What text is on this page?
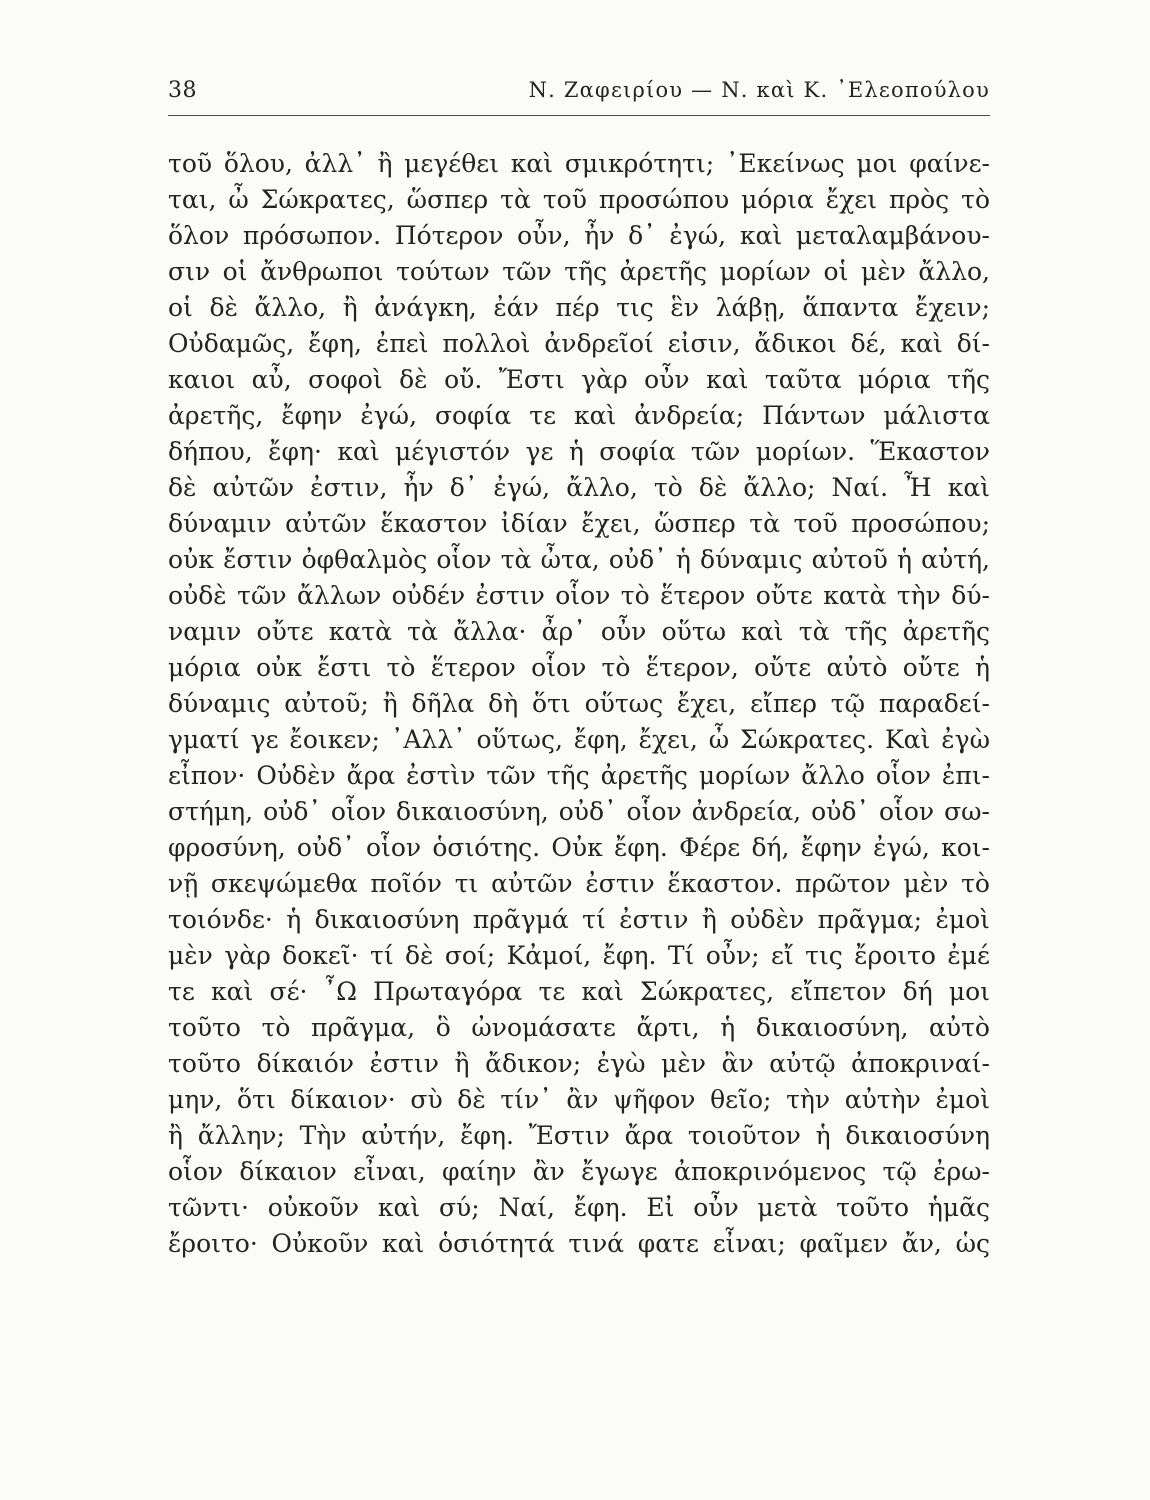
38	Ν. Ζαφειρίου — Ν. καὶ Κ. ᾿Ελεοπούλου
τοῦ ὅλου, ἀλλ᾿ ἢ μεγέθει καὶ σμικρότητι; ᾿Εκείνως μοι φαίνε-
ται, ὦ Σώκρατες, ὥσπερ τὰ τοῦ προσώπου μόρια ἔχει πρὸς τὸ
ὅλον πρόσωπον. Πότερον οὖν, ἦν δ᾿ ἐγώ, καὶ μεταλαμβάνου-
σιν οἱ ἄνθρωποι τούτων τῶν τῆς ἀρετῆς μορίων οἱ μὲν ἄλλο,
οἱ δὲ ἄλλο, ἢ ἀνάγκη, ἐάν πέρ τις ἓν λάβῃ, ἅπαντα ἔχειν;
Οὐδαμῶς, ἔφη, ἐπεὶ πολλοὶ ἀνδρεῖοί εἰσιν, ἄδικοι δέ, καὶ δί-
καιοι αὖ, σοφοὶ δὲ οὔ. Ἔστι γὰρ οὖν καὶ ταῦτα μόρια τῆς
ἀρετῆς, ἔφην ἐγώ, σοφία τε καὶ ἀνδρεία; Πάντων μάλιστα
δήπου, ἔφη· καὶ μέγιστόν γε ἡ σοφία τῶν μορίων. Ἕκαστον
δὲ αὐτῶν ἐστιν, ἦν δ᾿ ἐγώ, ἄλλο, τὸ δὲ ἄλλο; Ναί. Ἦ καὶ
δύναμιν αὐτῶν ἕκαστον ἰδίαν ἔχει, ὥσπερ τὰ τοῦ προσώπου;
οὐκ ἔστιν ὀφθαλμὸς οἷον τὰ ὦτα, οὐδ᾿ ἡ δύναμις αὐτοῦ ἡ αὐτή,
οὐδὲ τῶν ἄλλων οὐδέν ἐστιν οἷον τὸ ἕτερον οὔτε κατὰ τὴν δύ-
ναμιν οὔτε κατὰ τὰ ἄλλα· ἆρ᾿ οὖν οὕτω καὶ τὰ τῆς ἀρετῆς
μόρια οὐκ ἔστι τὸ ἕτερον οἷον τὸ ἕτερον, οὔτε αὐτὸ οὔτε ἡ
δύναμις αὐτοῦ; ἢ δῆλα δὴ ὅτι οὕτως ἔχει, εἴπερ τῷ παραδεί-
γματί γε ἔοικεν; ᾿Αλλ᾿ οὕτως, ἔφη, ἔχει, ὦ Σώκρατες. Καὶ ἐγὼ
εἶπον· Οὐδὲν ἄρα ἐστὶν τῶν τῆς ἀρετῆς μορίων ἄλλο οἷον ἐπι-
στήμη, οὐδ᾿ οἷον δικαιοσύνη, οὐδ᾿ οἷον ἀνδρεία, οὐδ᾿ οἷον σω-
φροσύνη, οὐδ᾿ οἷον ὁσιότης. Οὐκ ἔφη. Φέρε δή, ἔφην ἐγώ, κοι-
νῇ σκεψώμεθα ποῖόν τι αὐτῶν ἐστιν ἕκαστον. πρῶτον μὲν τὸ
τοιόνδε· ἡ δικαιοσύνη πρᾶγμά τί ἐστιν ἢ οὐδὲν πρᾶγμα; ἐμοὶ
μὲν γὰρ δοκεῖ· τί δὲ σοί; Κἀμοί, ἔφη. Τί οὖν; εἴ τις ἔροιτο ἐμέ
τε καὶ σέ· ῏Ω Πρωταγόρα τε καὶ Σώκρατες, εἴπετον δή μοι
τοῦτο τὸ πρᾶγμα, ὃ ὠνομάσατε ἄρτι, ἡ δικαιοσύνη, αὐτὸ
τοῦτο δίκαιόν ἐστιν ἢ ἄδικον; ἐγὼ μὲν ἂν αὐτῷ ἀποκριναί-
μην, ὅτι δίκαιον· σὺ δὲ τίν᾿ ἂν ψῆφον θεῖο; τὴν αὐτὴν ἐμοὶ
ἢ ἄλλην; Τὴν αὐτήν, ἔφη. Ἔστιν ἄρα τοιοῦτον ἡ δικαιοσύνη
οἷον δίκαιον εἶναι, φαίην ἂν ἔγωγε ἀποκρινόμενος τῷ ἐρω-
τῶντι· οὐκοῦν καὶ σύ; Ναί, ἔφη. Εἰ οὖν μετὰ τοῦτο ἡμᾶς
ἔροιτο· Οὐκοῦν καὶ ὁσιότητά τινά φατε εἶναι; φαῖμεν ἄν, ὡς
